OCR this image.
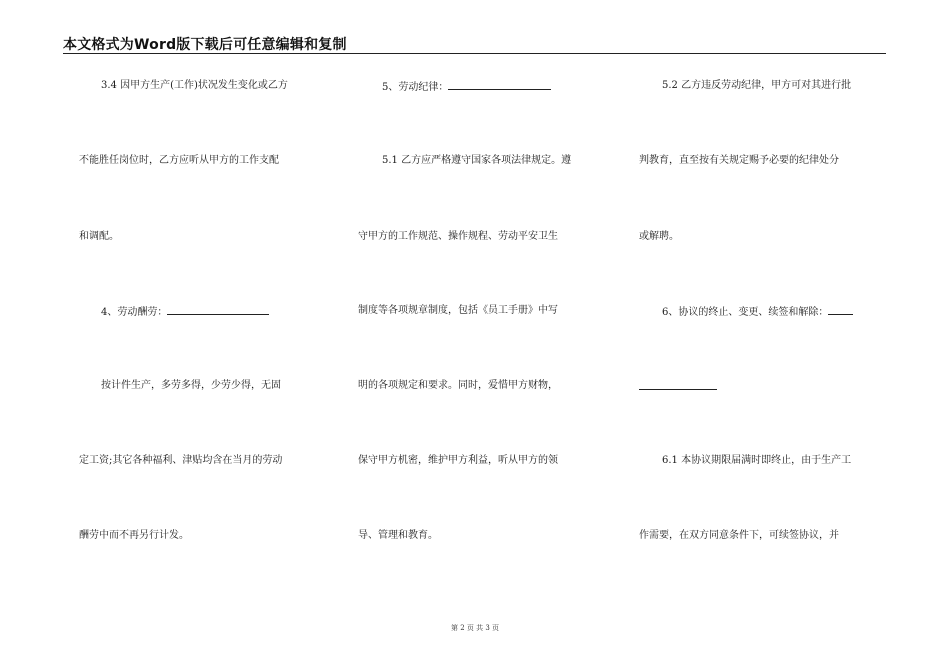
本文格式为Word版下载后可任意编辑和复制
3.4 因甲方生产(工作)状况发生变化或乙方
不能胜任岗位时，乙方应听从甲方的工作支配
和调配。
4、劳动酬劳：
按计件生产，多劳多得，少劳少得，无固
定工资;其它各种福利、津贴均含在当月的劳动
酬劳中而不再另行计发。
5、劳动纪律：
5.1 乙方应严格遵守国家各项法律规定。遵
守甲方的工作规范、操作规程、劳动平安卫生
制度等各项规章制度，包括《员工手册》中写
明的各项规定和要求。同时，爱惜甲方财物，
保守甲方机密，维护甲方利益，听从甲方的领
导、管理和教育。
5.2 乙方违反劳动纪律，甲方可对其进行批
判教育，直至按有关规定赐予必要的纪律处分
或解聘。
6、协议的终止、变更、续签和解除：
6.1 本协议期限届满时即终止，由于生产工
作需要，在双方同意条件下，可续签协议，并
第 2 页 共 3 页
